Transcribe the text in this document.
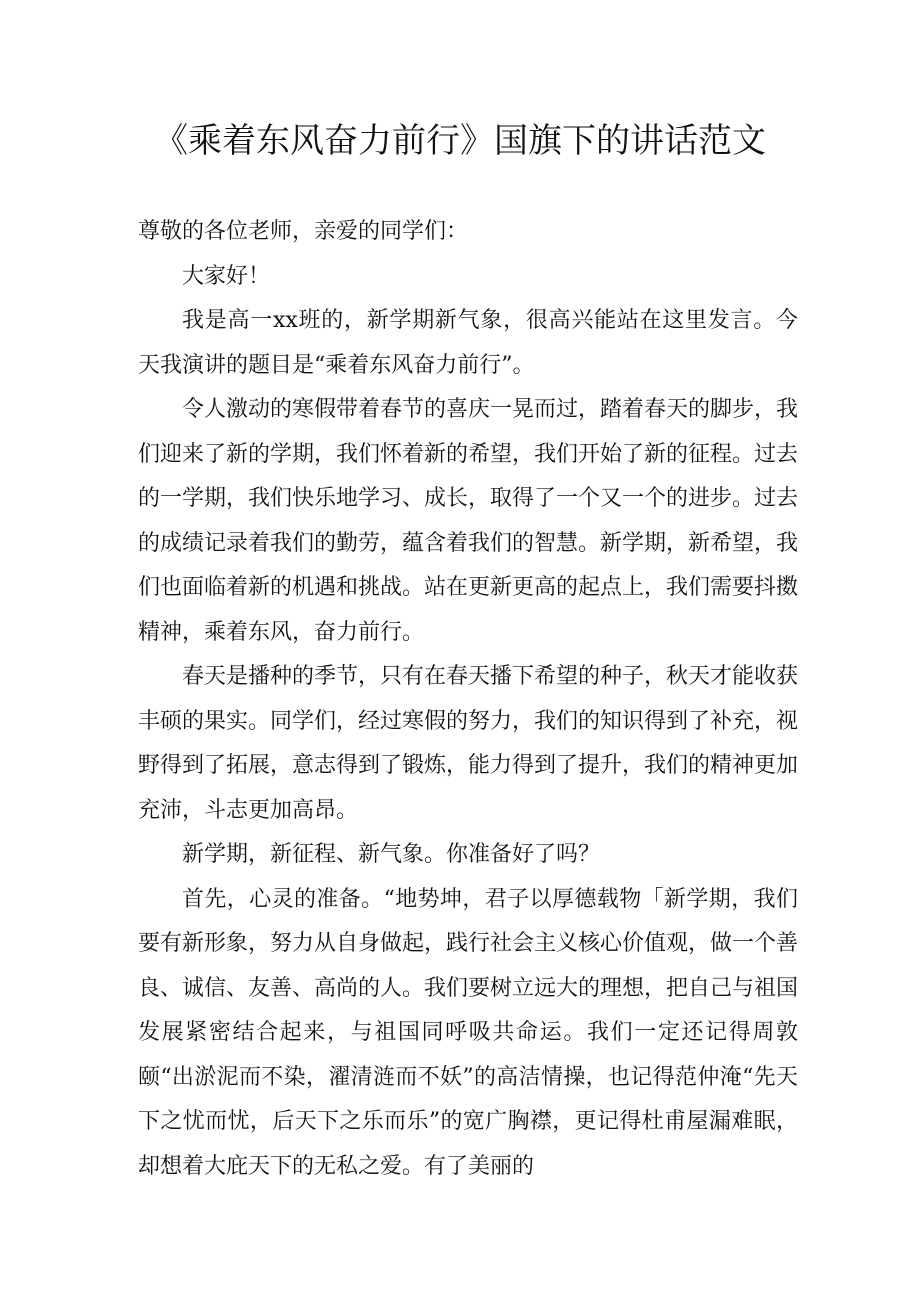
《乘着东风奋力前行》国旗下的讲话范文

尊敬的各位老师，亲爱的同学们：

大家好！

我是高一xx班的，新学期新气象，很高兴能站在这里发言。今天我演讲的题目是“乘着东风奋力前行”。

令人激动的寒假带着春节的喜庆一晃而过，踏着春天的脚步，我们迎来了新的学期，我们怀着新的希望，我们开始了新的征程。过去的一学期，我们快乐地学习、成长，取得了一个又一个的进步。过去的成绩记录着我们的勤劳，蕴含着我们的智慧。新学期，新希望，我们也面临着新的机遇和挑战。站在更新更高的起点上，我们需要抖擞精神，乘着东风，奋力前行。

春天是播种的季节，只有在春天播下希望的种子，秋天才能收获丰硕的果实。同学们，经过寒假的努力，我们的知识得到了补充，视野得到了拓展，意志得到了锻炼，能力得到了提升，我们的精神更加充沛，斗志更加高昂。

新学期，新征程、新气象。你准备好了吗？

首先，心灵的准备。“地势坤，君子以厚德载物「新学期，我们要有新形象，努力从自身做起，践行社会主义核心价值观，做一个善良、诚信、友善、高尚的人。我们要树立远大的理想，把自己与祖国发展紧密结合起来，与祖国同呼吸共命运。我们一定还记得周敦颐“出淤泥而不染，濯清涟而不妖”的高洁情操，也记得范仲淹“先天下之忧而忧，后天下之乐而乐”的宽广胸襟，更记得杜甫屋漏难眠，却想着大庇天下的无私之爱。有了美丽的
